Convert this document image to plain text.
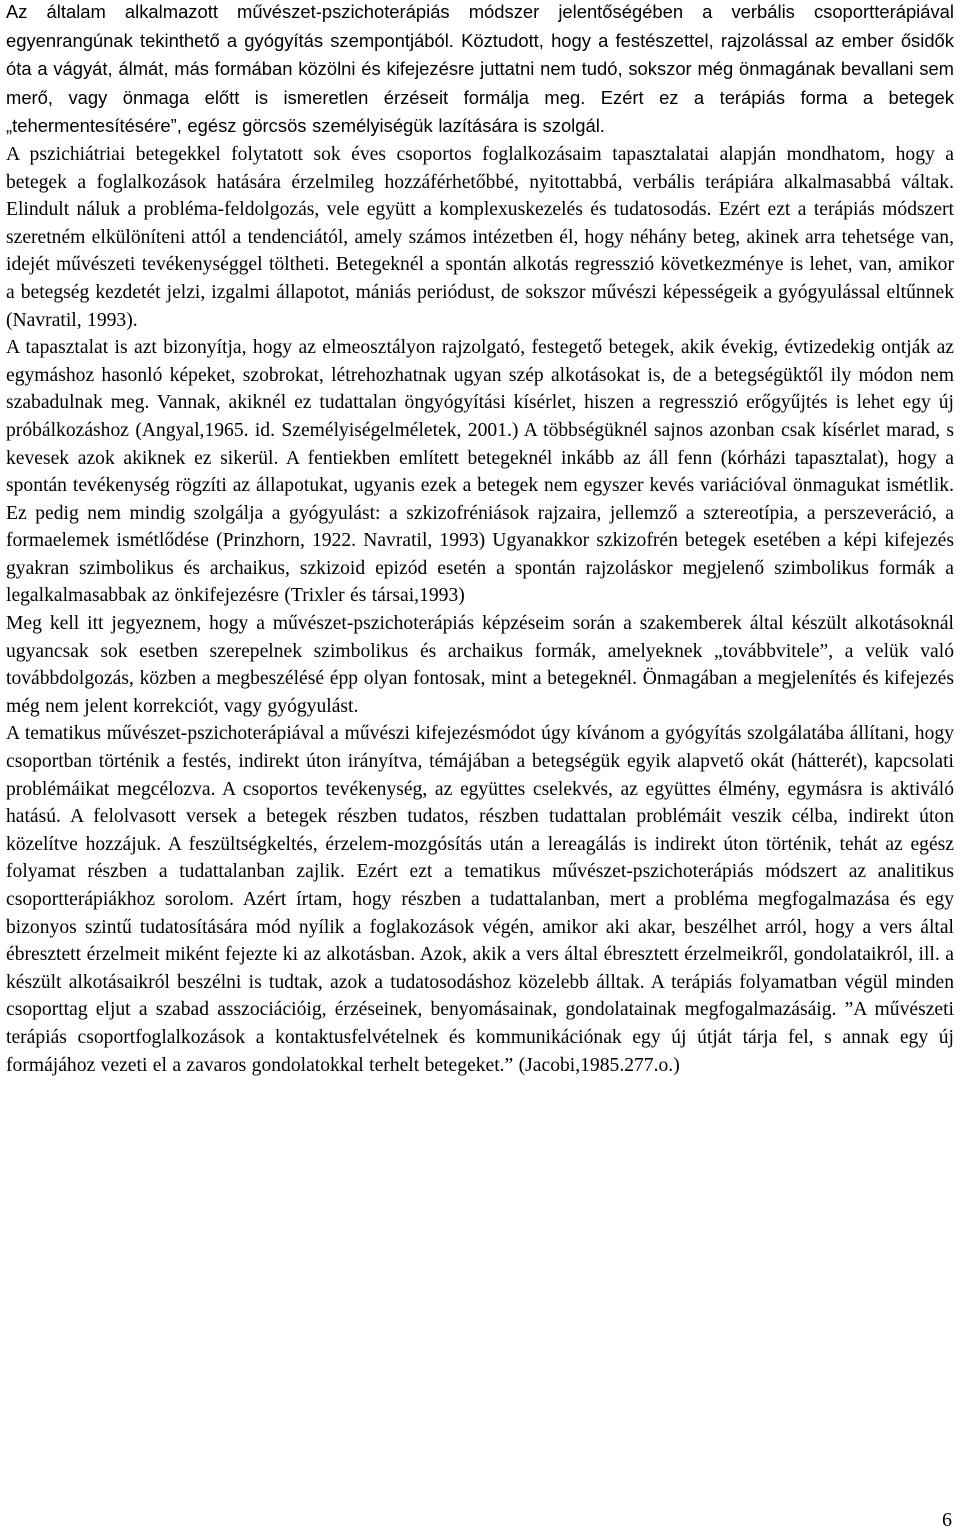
Az általam alkalmazott művészet-pszichoterápiás módszer jelentőségében a verbális csoportterápiával egyenrangúnak tekinthető a gyógyítás szempontjából. Köztudott, hogy a festészettel, rajzolással az ember ősidők óta a vágyát, álmát, más formában közölni és kifejezésre juttatni nem tudó, sokszor még önmagának bevallani sem merő, vagy önmaga előtt is ismeretlen érzéseit formálja meg. Ezért ez a terápiás forma a betegek „tehermentesítésére”, egész görcsös személyiségük lazítására is szolgál.

A pszichiátriai betegekkel folytatott sok éves csoportos foglalkozásaim tapasztalatai alapján mondhatom, hogy a betegek a foglalkozások hatására érzelmileg hozzáférhetőbbé, nyitottabbá, verbális terápiára alkalmasabbá váltak. Elindult náluk a probléma-feldolgozás, vele együtt a komplexuskezelés és tudatosodás. Ezért ezt a terápiás módszert szeretném elkülöníteni attól a tendenciától, amely számos intézetben él, hogy néhány beteg, akinek arra tehetsége van, idejét művészeti tevékenységgel töltheti. Betegeknél a spontán alkotás regresszió következménye is lehet, van, amikor a betegség kezdetét jelzi, izgalmi állapotot, mániás periódust, de sokszor művészi képességeik a gyógyulással eltűnnek (Navratil, 1993).

A tapasztalat is azt bizonyítja, hogy az elmeosztályon rajzolgató, festegető betegek, akik évekig, évtizedekig ontják az egymáshoz hasonló képeket, szobrokat, létrehozhatnak ugyan szép alkotásokat is, de a betegségüktől ily módon nem szabadulnak meg. Vannak, akiknél ez tudattalan öngyógyítási kísérlet, hiszen a regresszió erőgyűjtés is lehet egy új próbálkozáshoz (Angyal,1965. id. Személyiségelméletek, 2001.) A többségüknél sajnos azonban csak kísérlet marad, s kevesek azok akiknek ez sikerül. A fentiekben említett betegeknél inkább az áll fenn (kórházi tapasztalat), hogy a spontán tevékenység rögzíti az állapotukat, ugyanis ezek a betegek nem egyszer kevés variációval önmagukat ismétlik. Ez pedig nem mindig szolgálja a gyógyulást: a szkizofréniások rajzaira, jellemző a sztereotípia, a perszeveráció, a formaelemek ismétlődése (Prinzhorn, 1922. Navratil, 1993) Ugyanakkor szkizofrén betegek esetében a képi kifejezés gyakran szimbolikus és archaikus, szkizoid epizód esetén a spontán rajzoláskor megjelenő szimbolikus formák a legalkalmasabbak az önkifejezésre (Trixler és társai,1993)

Meg kell itt jegyeznem, hogy a művészet-pszichoterápiás képzéseim során a szakemberek által készült alkotásoknál ugyancsak sok esetben szerepelnek szimbolikus és archaikus formák, amelyeknek „továbbvitele”, a velük való továbbdolgozás, közben a megbeszélésé épp olyan fontosak, mint a betegeknél. Önmagában a megjelenítés és kifejezés még nem jelent korrekciót, vagy gyógyulást.

A tematikus művészet-pszichoterápiával a művészi kifejezésmódot úgy kívánom a gyógyítás szolgálatába állítani, hogy csoportban történik a festés, indirekt úton irányítva, témájában a betegségük egyik alapvető okát (hátterét), kapcsolati problémáikat megcélozva. A csoportos tevékenység, az együttes cselekvés, az együttes élmény, egymásra is aktiváló hatású. A felolvasott versek a betegek részben tudatos, részben tudattalan problémáit veszik célba, indirekt úton közelítve hozzájuk. A feszültségkeltés, érzelem-mozgósítás után a lereagálás is indirekt úton történik, tehát az egész folyamat részben a tudattalanban zajlik. Ezért ezt a tematikus művészet-pszichoterápiás módszert az analitikus csoportterápiákhoz sorolom. Azért írtam, hogy részben a tudattalanban, mert a probléma megfogalmazása és egy bizonyos szintű tudatosítására mód nyílik a foglakozások végén, amikor aki akar, beszélhet arról, hogy a vers által ébresztett érzelmeit miként fejezte ki az alkotásban. Azok, akik a vers által ébresztett érzelmeikről, gondolataikról, ill. a készült alkotásaikról beszélni is tudtak, azok a tudatosodáshoz közelebb álltak. A terápiás folyamatban végül minden csoporttag eljut a szabad asszociációig, érzéseinek, benyomásainak, gondolatainak megfogalmazásáig. ”A művészeti terápiás csoportfoglalkozások a kontaktusfelvételnek és kommunikációnak egy új útját tárja fel, s annak egy új formájához vezeti el a zavaros gondolatokkal terhelt betegeket.” (Jacobi,1985.277.o.)

6
